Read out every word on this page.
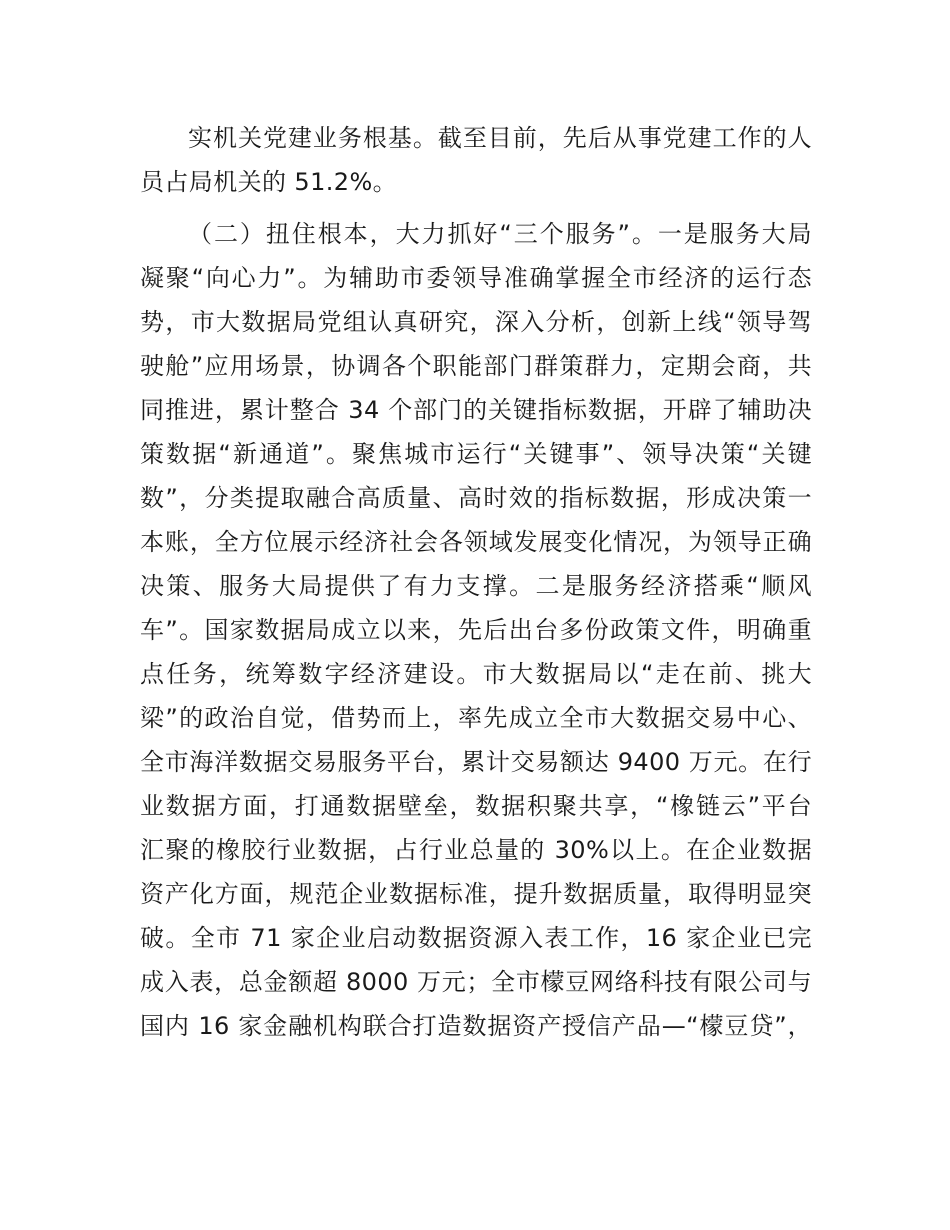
实机关党建业务根基。截至目前，先后从事党建工作的人
员占局机关的 51.2%。
（二）扭住根本，大力抓好“三个服务”。一是服务大局
凝聚“向心力”。为辅助市委领导准确掌握全市经济的运行态
势，市大数据局党组认真研究，深入分析，创新上线“领导驾
驶舱”应用场景，协调各个职能部门群策群力，定期会商，共
同推进，累计整合 34 个部门的关键指标数据，开辟了辅助决
策数据“新通道”。聚焦城市运行“关键事”、领导决策“关键
数”，分类提取融合高质量、高时效的指标数据，形成决策一
本账，全方位展示经济社会各领域发展变化情况，为领导正确
决策、服务大局提供了有力支撑。二是服务经济搭乘“顺风
车”。国家数据局成立以来，先后出台多份政策文件，明确重
点任务，统筹数字经济建设。市大数据局以“走在前、挑大
梁”的政治自觉，借势而上，率先成立全市大数据交易中心、
全市海洋数据交易服务平台，累计交易额达 9400 万元。在行
业数据方面，打通数据壁垒，数据积聚共享，“橡链云”平台
汇聚的橡胶行业数据，占行业总量的 30%以上。在企业数据
资产化方面，规范企业数据标准，提升数据质量，取得明显突
破。全市 71 家企业启动数据资源入表工作，16 家企业已完
成入表，总金额超 8000 万元；全市檬豆网络科技有限公司与
国内 16 家金融机构联合打造数据资产授信产品—“檬豆贷”，
